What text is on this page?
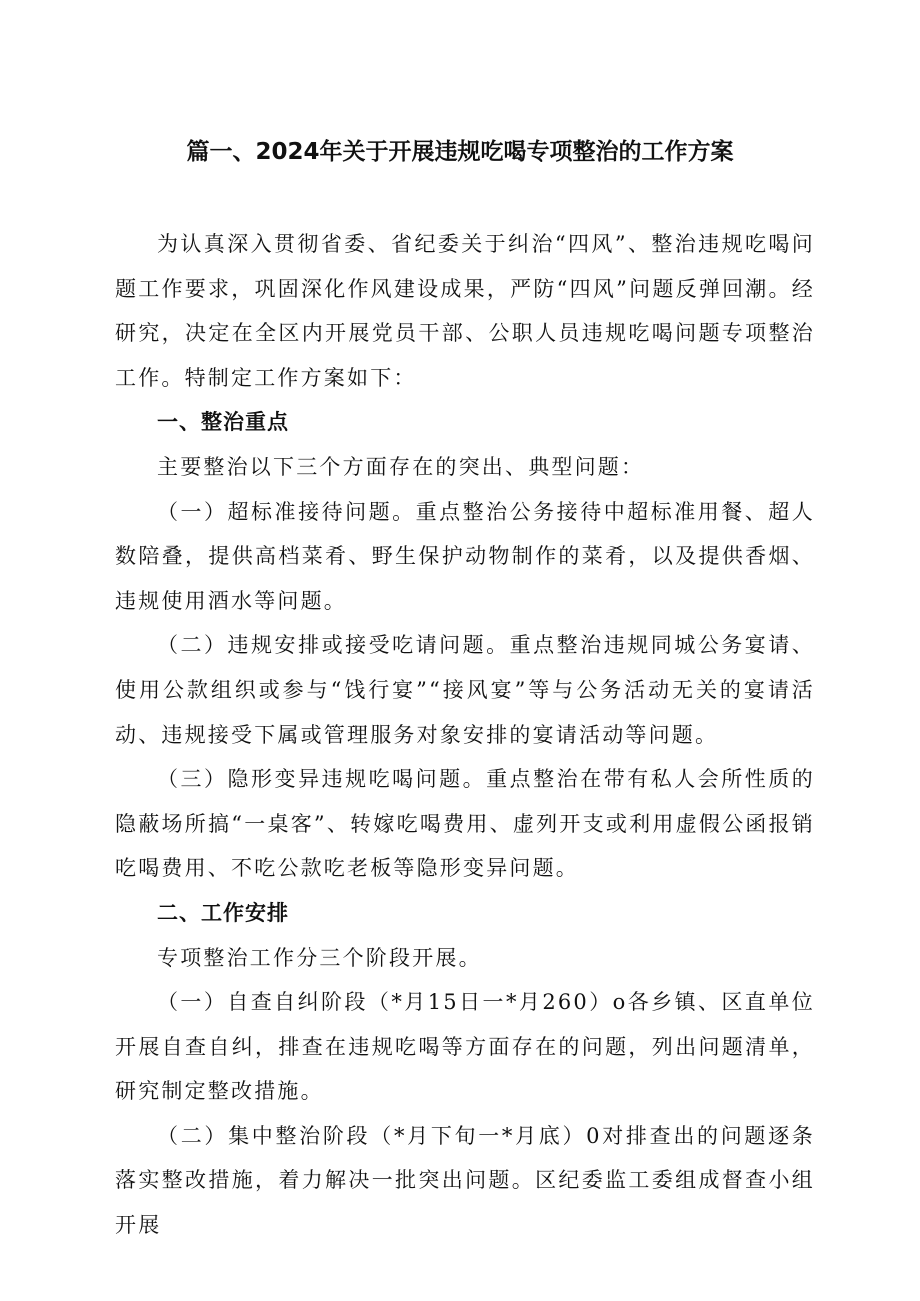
篇一、2024年关于开展违规吃喝专项整治的工作方案

为认真深入贯彻省委、省纪委关于纠治“四风”、整治违规吃喝问题工作要求，巩固深化作风建设成果，严防“四风”问题反弹回潮。经研究，决定在全区内开展党员干部、公职人员违规吃喝问题专项整治工作。特制定工作方案如下：

一、整治重点

主要整治以下三个方面存在的突出、典型问题：

（一）超标准接待问题。重点整治公务接待中超标准用餐、超人数陪叠，提供高档菜肴、野生保护动物制作的菜肴，以及提供香烟、违规使用酒水等问题。

（二）违规安排或接受吃请问题。重点整治违规同城公务宴请、使用公款组织或参与“饯行宴”“接风宴”等与公务活动无关的宴请活动、违规接受下属或管理服务对象安排的宴请活动等问题。

（三）隐形变异违规吃喝问题。重点整治在带有私人会所性质的隐蔽场所搞“一桌客”、转嫁吃喝费用、虚列开支或利用虚假公函报销吃喝费用、不吃公款吃老板等隐形变异问题。

二、工作安排

专项整治工作分三个阶段开展。

（一）自查自纠阶段（*月15日一*月260）o各乡镇、区直单位开展自查自纠，排查在违规吃喝等方面存在的问题，列出问题清单，研究制定整改措施。

（二）集中整治阶段（*月下旬一*月底）0对排查出的问题逐条落实整改措施，着力解决一批突出问题。区纪委监工委组成督查小组开展
